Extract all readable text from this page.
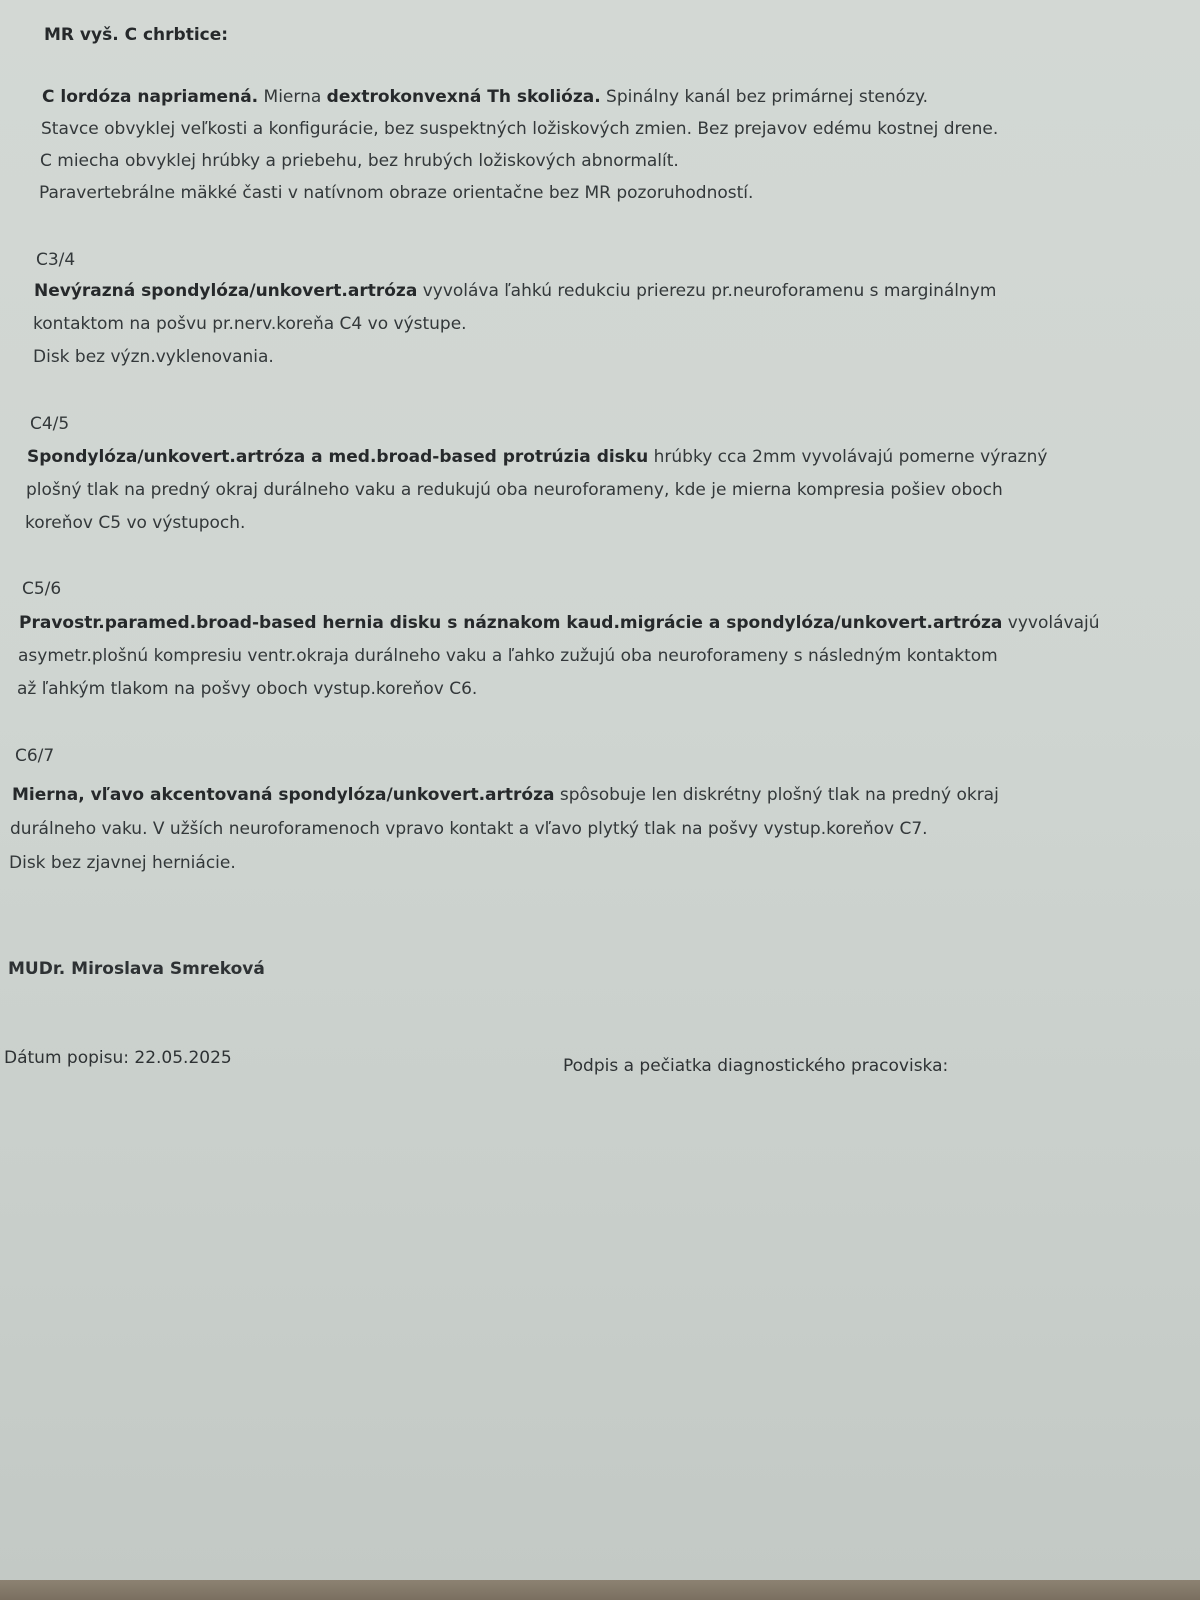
MR vyš. C chrbtice:
C lordóza napriamená. Mierna dextrokonvexná Th skolióza. Spinálny kanál bez primárnej stenózy.
Stavce obvyklej veľkosti a konfigurácie, bez suspektných ložiskových zmien. Bez prejavov edému kostnej drene.
C miecha obvyklej hrúbky a priebehu, bez hrubých ložiskových abnormalít.
Paravertebrálne mäkké časti v natívnom obraze orientačne bez MR pozoruhodností.
C3/4
Nevýrazná spondylóza/unkovert.artróza vyvoláva ľahkú redukciu prierezu pr.neuroforamenu s marginálnym
kontaktom na pošvu pr.nerv.koreňa C4 vo výstupe.
Disk bez význ.vyklenovania.
C4/5
Spondylóza/unkovert.artróza a med.broad-based protrúzia disku hrúbky cca 2mm vyvolávajú pomerne výrazný
plošný tlak na predný okraj durálneho vaku a redukujú oba neuroforameny, kde je mierna kompresia pošiev oboch
koreňov C5 vo výstupoch.
C5/6
Pravostr.paramed.broad-based hernia disku s náznakom kaud.migrácie a spondylóza/unkovert.artróza vyvolávajú
asymetr.plošnú kompresiu ventr.okraja durálneho vaku a ľahko zužujú oba neuroforameny s následným kontaktom
až ľahkým tlakom na pošvy oboch vystup.koreňov C6.
C6/7
Mierna, vľavo akcentovaná spondylóza/unkovert.artróza spôsobuje len diskrétny plošný tlak na predný okraj
durálneho vaku. V užších neuroforamenoch vpravo kontakt a vľavo plytký tlak na pošvy vystup.koreňov C7.
Disk bez zjavnej herniácie.
MUDr. Miroslava Smreková
Dátum popisu: 22.05.2025	Podpis a pečiatka diagnostického pracoviska:
